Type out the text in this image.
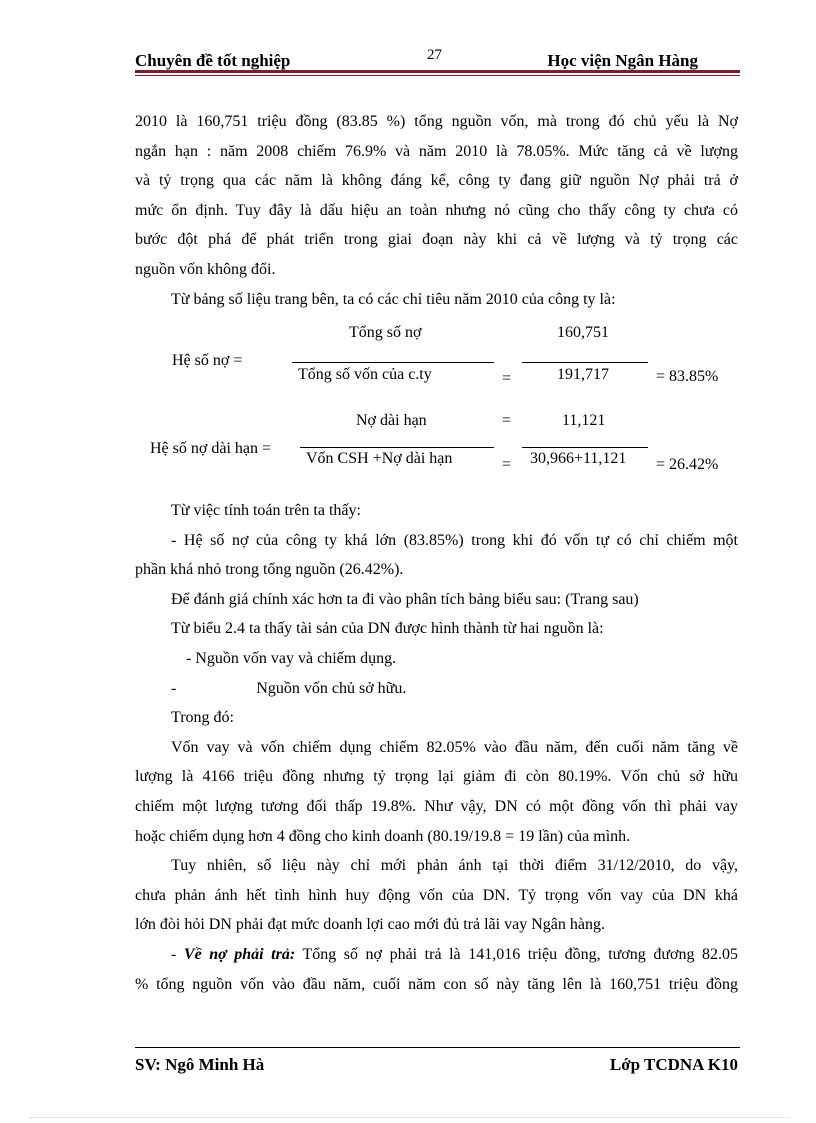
Chuyên đề tốt nghiệp	27	Học viện Ngân Hàng

2010 là 160,751 triệu đồng (83.85 %) tổng nguồn vốn, mà trong đó chủ yếu là Nợ

ngắn hạn : năm 2008 chiếm 76.9% và năm 2010 là 78.05%. Mức tăng cả về lượng

và tỷ trọng qua các năm là không đáng kể, công ty đang giữ nguồn Nợ phải trả ở

mức ổn định. Tuy đây là dấu hiệu an toàn nhưng nó cũng cho thấy công ty chưa có

bước đột phá để phát triển trong giai đoạn này khi cả về lượng và tỷ trọng các

nguồn vốn không đổi.

Từ bảng số liệu trang bên, ta có các chỉ tiêu năm 2010 của công ty là:

Tổng số nợ	160,751
Hệ số nợ =
Tổng số vốn của c.ty	=	191,717	= 83.85%
Nợ dài hạn	=	11,121
Hệ số nợ dài hạn =
Vốn CSH +Nợ dài hạn	= 30,966+11,121 = 26.42%

Từ việc tính toán trên ta thấy:

- Hệ số nợ của công ty khá lớn (83.85%) trong khi đó vốn tự có chỉ chiếm một

phần khá nhỏ trong tổng nguồn (26.42%).

Để đánh giá chính xác hơn ta đi vào phân tích bảng biểu sau: (Trang sau)

Từ biểu 2.4 ta thấy tài sản của DN được hình thành từ hai nguồn là:

- Nguồn vốn vay và chiếm dụng.

-	Nguồn vốn chủ sở hữu.

Trong đó:

Vốn vay và vốn chiếm dụng chiếm 82.05% vào đầu năm, đến cuối năm tăng về

lượng là 4166 triệu đồng nhưng tỷ trọng lại giảm đi còn 80.19%. Vốn chủ sở hữu

chiếm một lượng tương đối thấp 19.8%. Như vậy, DN có một đồng vốn thì phải vay

hoặc chiếm dụng hơn 4 đồng cho kinh doanh (80.19/19.8 = 19 lần) của mình.

Tuy nhiên, số liệu này chỉ mới phản ánh tại thời điểm 31/12/2010, do vậy,

chưa phản ánh hết tình hình huy động vốn của DN. Tỷ trọng vốn vay của DN khá

lớn đòi hỏi DN phải đạt mức doanh lợi cao mới đủ trả lãi vay Ngân hàng.

- Về nợ phải trả: Tổng số nợ phải trả là 141,016 triệu đồng, tương đương 82.05

% tổng nguồn vốn vào đầu năm, cuối năm con số này tăng lên là 160,751 triệu đồng

SV: Ngô Minh Hà	Lớp TCDNA K10
